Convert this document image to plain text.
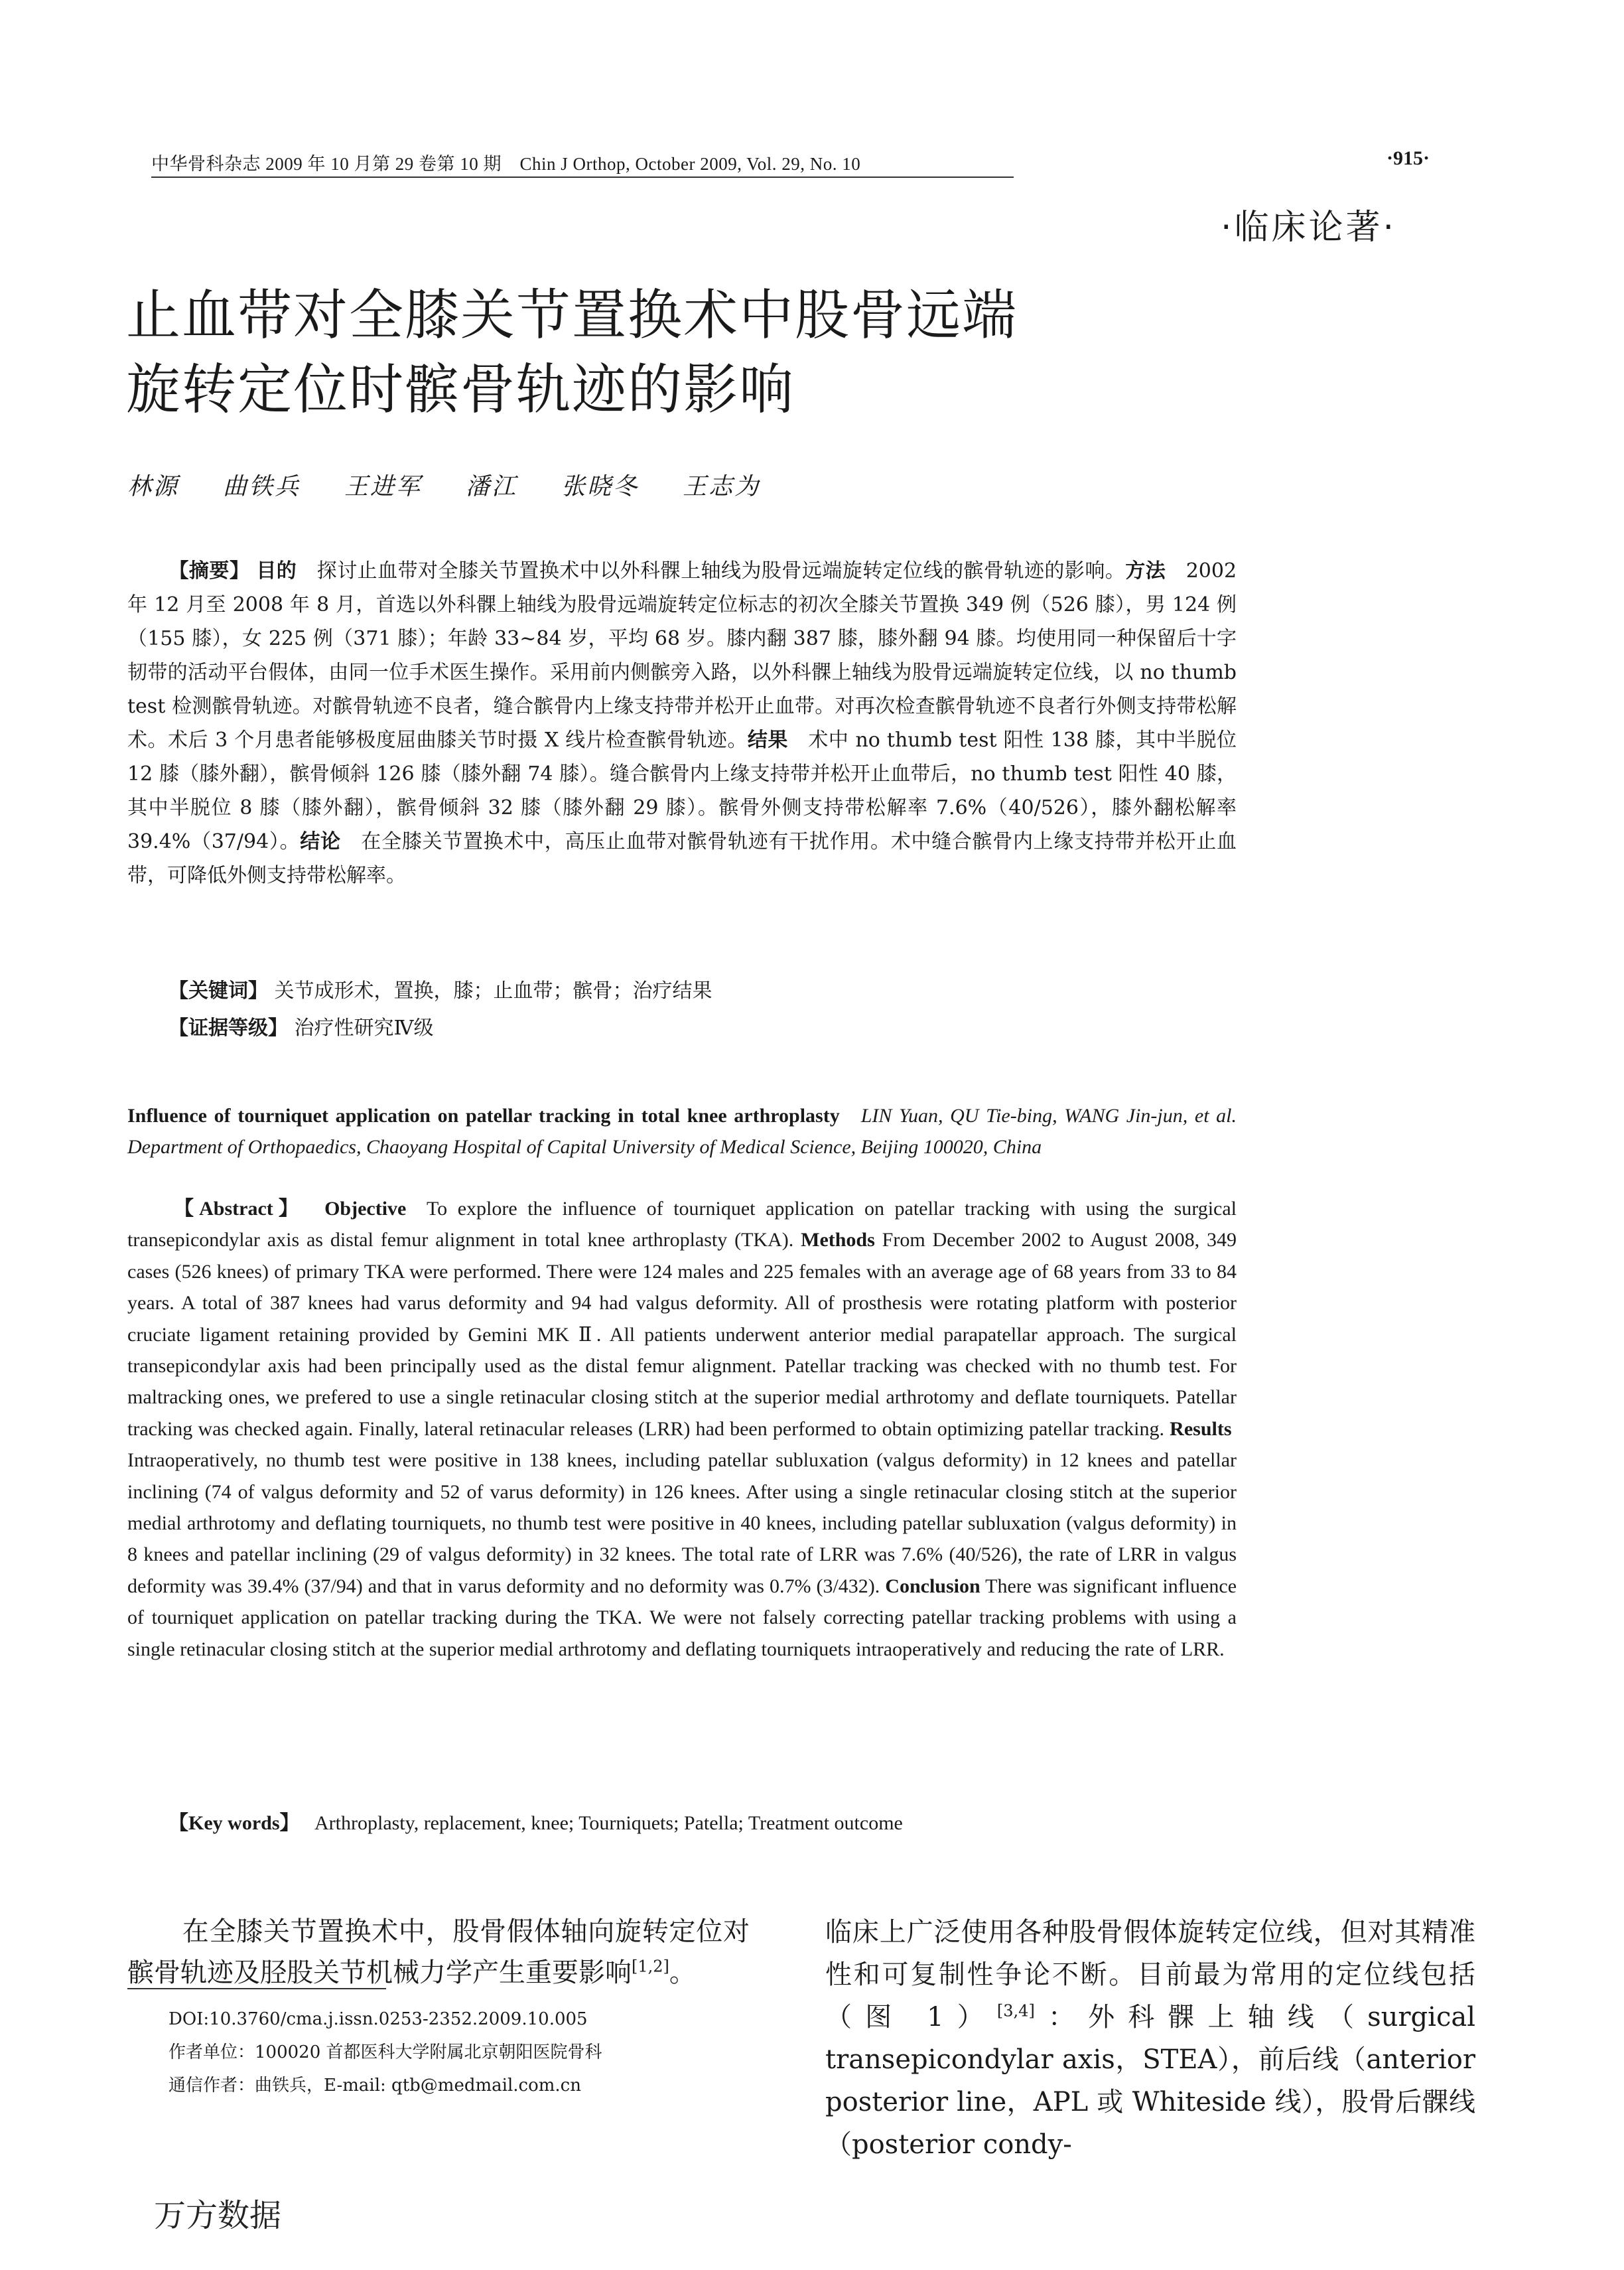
中华骨科杂志 2009 年 10 月第 29 卷第 10 期　Chin J Orthop, October 2009, Vol. 29, No. 10	·915·
·临床论著·
止血带对全膝关节置换术中股骨远端
旋转定位时髌骨轨迹的影响
林源 曲铁兵 王进军 潘江 张晓冬 王志为
【摘要】 目的　 探讨止血带对全膝关节置换术中以外科髁上轴线为股骨远端旋转定位线的髌骨轨迹的影响。方法　 2002 年 12 月至 2008 年 8 月，首选以外科髁上轴线为股骨远端旋转定位标志的初次全膝关节置换 349 例（526 膝），男 124 例（155 膝），女 225 例（371 膝）；年龄 33~84 岁，平均 68 岁。膝内翻 387 膝，膝外翻 94 膝。均使用同一种保留后十字韧带的活动平台假体，由同一位手术医生操作。采用前内侧髌旁入路，以外科髁上轴线为股骨远端旋转定位线，以 no thumb test 检测髌骨轨迹。对髌骨轨迹不良者，缝合髌骨内上缘支持带并松开止血带。对再次检查髌骨轨迹不良者行外侧支持带松解术。术后 3 个月患者能够极度屈曲膝关节时摄 X 线片检查髌骨轨迹。结果　 术中 no thumb test 阳性 138 膝，其中半脱位 12 膝（膝外翻），髌骨倾斜 126 膝（膝外翻 74 膝）。缝合髌骨内上缘支持带并松开止血带后，no thumb test 阳性 40 膝，其中半脱位 8 膝（膝外翻），髌骨倾斜 32 膝（膝外翻 29 膝）。髌骨外侧支持带松解率 7.6%（40/526），膝外翻松解率 39.4%（37/94）。结论　 在全膝关节置换术中，高压止血带对髌骨轨迹有干扰作用。术中缝合髌骨内上缘支持带并松开止血带，可降低外侧支持带松解率。
【关键词】 关节成形术，置换，膝；止血带；髌骨；治疗结果
【证据等级】 治疗性研究Ⅳ级
Influence of tourniquet application on patellar tracking in total knee arthroplasty LIN Yuan, QU Tie-bing, WANG Jin-jun, et al. Department of Orthopaedics, Chaoyang Hospital of Capital University of Medical Science, Beijing 100020, China
【Abstract】 Objective To explore the influence of tourniquet application on patellar tracking with using the surgical transepicondylar axis as distal femur alignment in total knee arthroplasty (TKA). Methods From December 2002 to August 2008, 349 cases (526 knees) of primary TKA were performed. There were 124 males and 225 females with an average age of 68 years from 33 to 84 years. A total of 387 knees had varus deformity and 94 had valgus deformity. All of prosthesis were rotating platform with posterior cruciate ligament retaining provided by Gemini MK Ⅱ. All patients underwent anterior medial parapatellar approach. The surgical transepicondylar axis had been principally used as the distal femur alignment. Patellar tracking was checked with no thumb test. For maltracking ones, we prefered to use a single retinacular closing stitch at the superior medial arthrotomy and deflate tourniquets. Patellar tracking was checked again. Finally, lateral retinacular releases (LRR) had been performed to obtain optimizing patellar tracking. Results  Intraoperatively, no thumb test were positive in 138 knees, including patellar subluxation (valgus deformity) in 12 knees and patellar inclining (74 of valgus deformity and 52 of varus deformity) in 126 knees. After using a single retinacular closing stitch at the superior medial arthrotomy and deflating tourniquets, no thumb test were positive in 40 knees, including patellar subluxation (valgus deformity) in 8 knees and patellar inclining (29 of valgus deformity) in 32 knees. The total rate of LRR was 7.6% (40/526), the rate of LRR in valgus deformity was 39.4% (37/94) and that in varus deformity and no deformity was 0.7% (3/432). Conclusion There was significant influence of tourniquet application on patellar tracking during the TKA. We were not falsely correcting patellar tracking problems with using a single retinacular closing stitch at the superior medial arthrotomy and deflating tourniquets intraoperatively and reducing the rate of LRR.
【Key words】 Arthroplasty, replacement, knee; Tourniquets; Patella; Treatment outcome
在全膝关节置换术中，股骨假体轴向旋转定位对髌骨轨迹及胫股关节机械力学产生重要影响[1,2]。
DOI:10.3760/cma.j.issn.0253-2352.2009.10.005
作者单位：100020 首都医科大学附属北京朝阳医院骨科
通信作者：曲铁兵，E-mail: qtb@medmail.com.cn
临床上广泛使用各种股骨假体旋转定位线，但对其精准性和可复制性争论不断。目前最为常用的定位线包括（图 1）[3,4]：外科髁上轴线（surgical transepicondylar axis，STEA），前后线（anterior posterior line，APL 或 Whiteside 线），股骨后髁线（posterior condy-
万方数据
